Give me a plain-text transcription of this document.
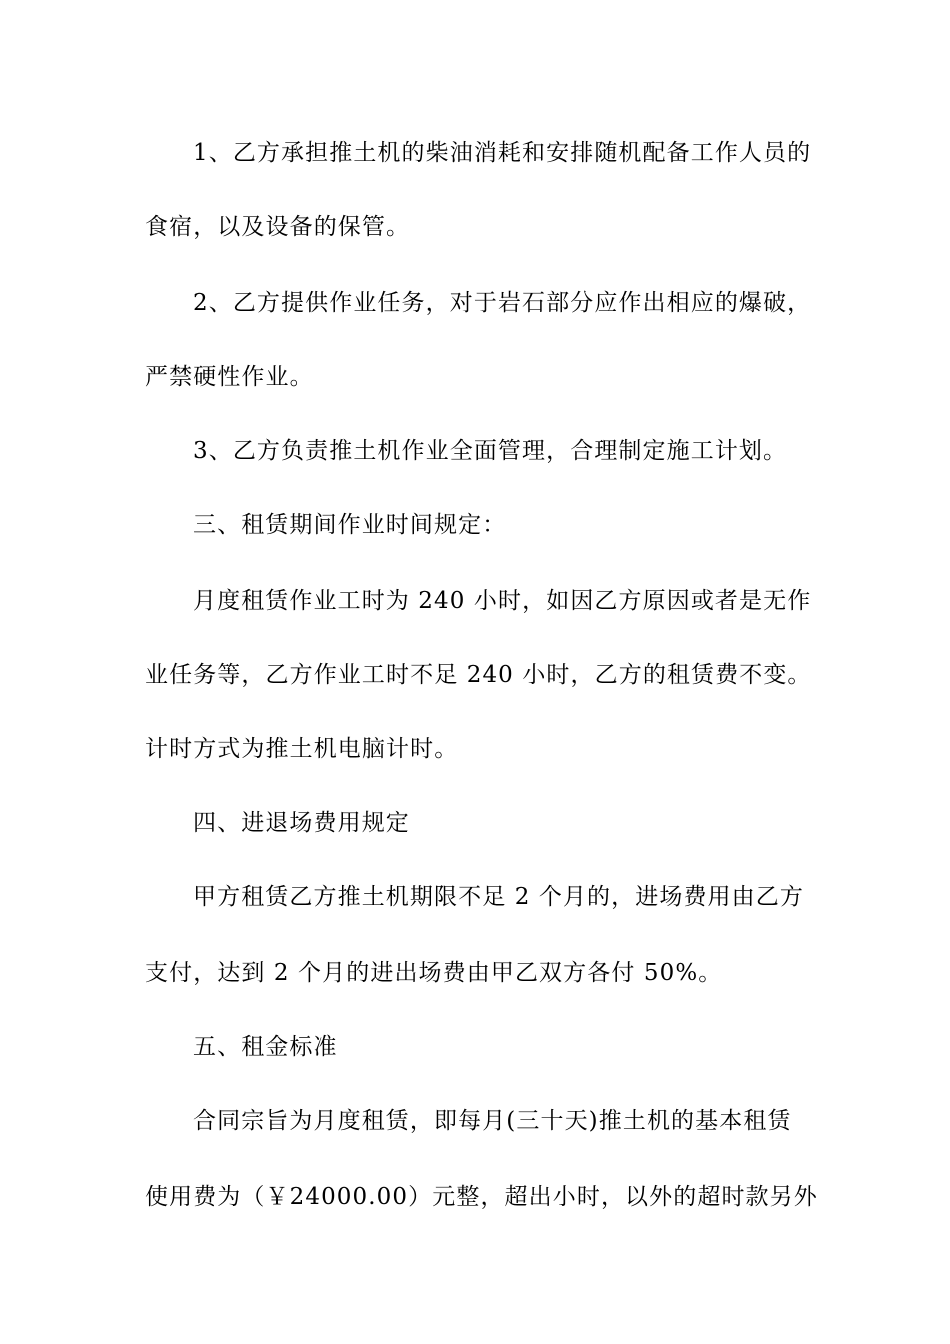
1、乙方承担推土机的柴油消耗和安排随机配备工作人员的
食宿，以及设备的保管。
2、乙方提供作业任务，对于岩石部分应作出相应的爆破，
严禁硬性作业。
3、乙方负责推土机作业全面管理，合理制定施工计划。
三、租赁期间作业时间规定：
月度租赁作业工时为 240 小时，如因乙方原因或者是无作
业任务等，乙方作业工时不足 240 小时，乙方的租赁费不变。
计时方式为推土机电脑计时。
四、进退场费用规定
甲方租赁乙方推土机期限不足 2 个月的，进场费用由乙方
支付，达到 2 个月的进出场费由甲乙双方各付 50%。
五、租金标准
合同宗旨为月度租赁，即每月(三十天)推土机的基本租赁
使用费为（￥24000.00）元整，超出小时，以外的超时款另外
